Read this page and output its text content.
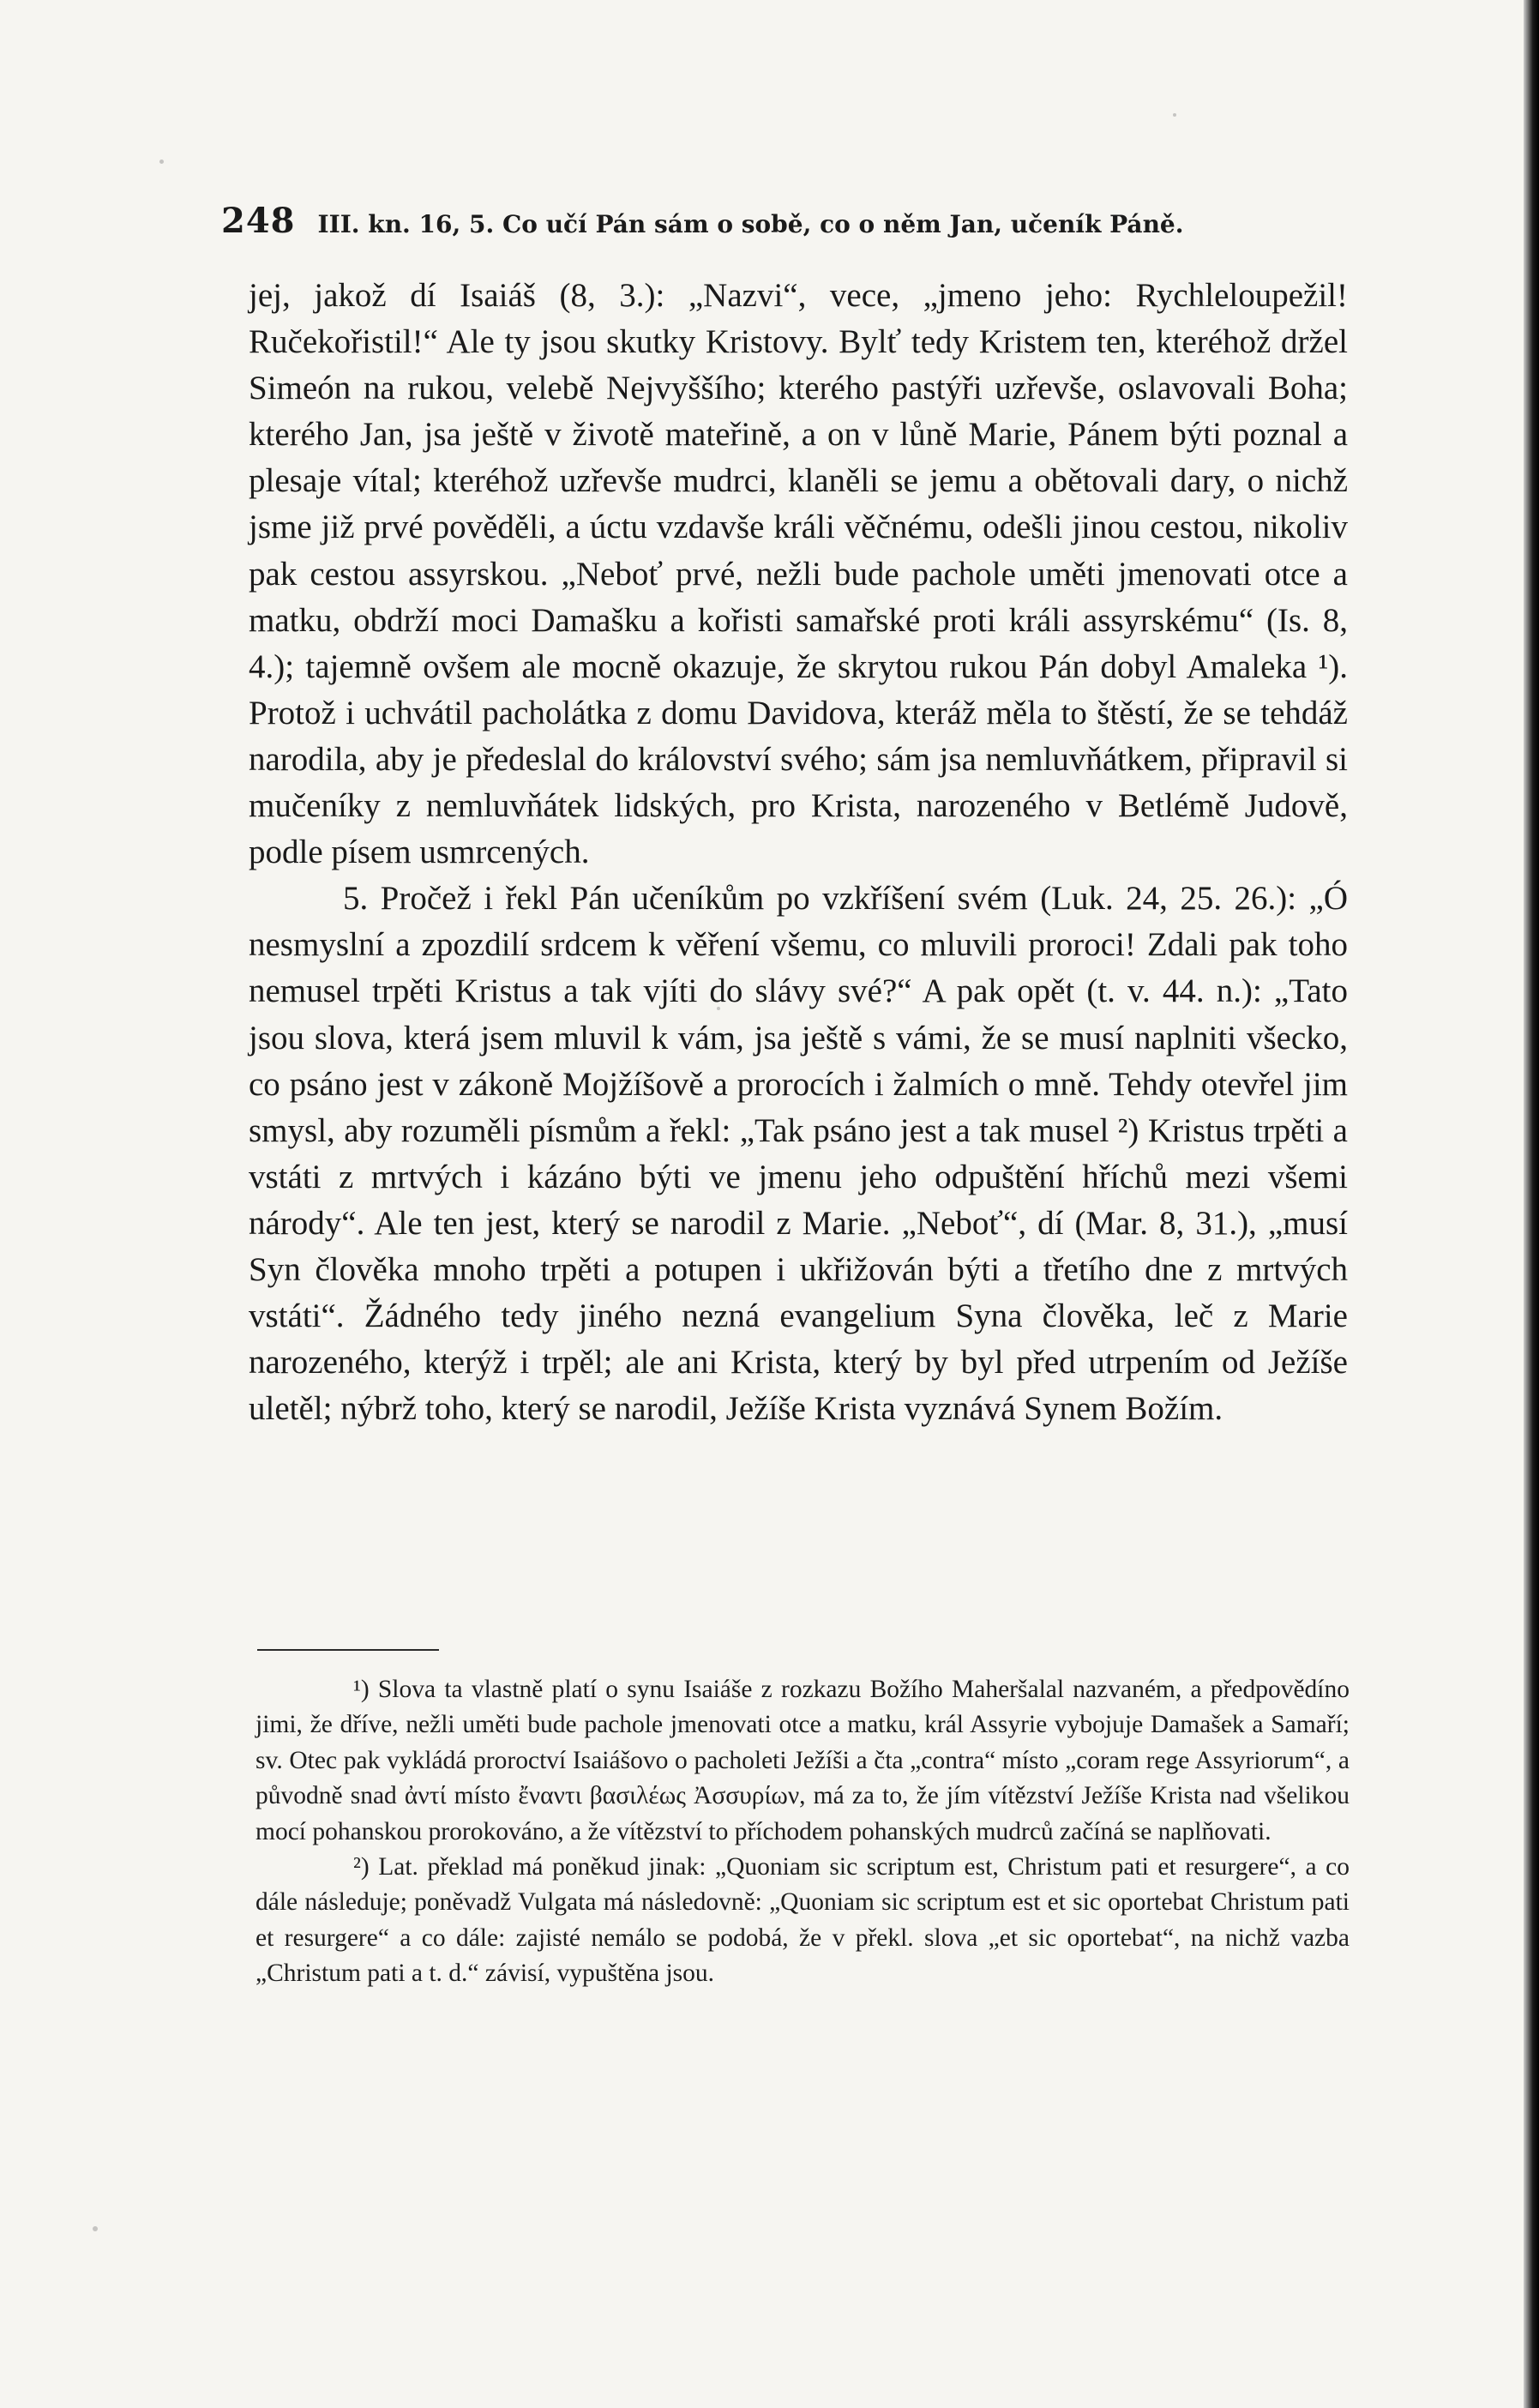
248 III. kn. 16, 5. Co učí Pán sám o sobě, co o něm Jan, učeník Páně.

jej, jakož dí Isaiáš (8, 3.): „Nazvi“, vece, „jmeno jeho: Rychleloupežil! Ručekořistil!“ Ale ty jsou skutky Kristovy. Bylť tedy Kristem ten, kteréhož držel Simeón na rukou, velebě Nejvyššího; kterého pastýři uzřevše, oslavovali Boha; kterého Jan, jsa ještě v životě mateřině, a on v lůně Marie, Pánem býti poznal a plesaje vítal; kteréhož uzřevše mudrci, klaněli se jemu a obětovali dary, o nichž jsme již prvé pověděli, a úctu vzdavše králi věčnému, odešli jinou cestou, nikoliv pak cestou assyrskou. „Neboť prvé, nežli bude pachole uměti jmenovati otce a matku, obdrží moci Damašku a kořisti samařské proti králi assyrskému“ (Is. 8, 4.); tajemně ovšem ale mocně okazuje, že skrytou rukou Pán dobyl Amaleka ¹). Protož i uchvátil pacholátka z domu Davidova, kteráž měla to štěstí, že se tehdáž narodila, aby je předeslal do království svého; sám jsa nemluvňátkem, připravil si mučeníky z nemluvňátek lidských, pro Krista, narozeného v Betlémě Judově, podle písem usmrcených.

5. Pročež i řekl Pán učeníkům po vzkříšení svém (Luk. 24, 25. 26.): „Ó nesmyslní a zpozdilí srdcem k věření všemu, co mluvili proroci! Zdali pak toho nemusel trpěti Kristus a tak vjíti do slávy své?“ A pak opět (t. v. 44. n.): „Tato jsou slova, která jsem mluvil k vám, jsa ještě s vámi, že se musí naplniti všecko, co psáno jest v zákoně Mojžíšově a prorocích i žalmích o mně. Tehdy otevřel jim smysl, aby rozuměli písmům a řekl: „Tak psáno jest a tak musel ²) Kristus trpěti a vstáti z mrtvých i kázáno býti ve jmenu jeho odpuštění hříchů mezi všemi národy“. Ale ten jest, který se narodil z Marie. „Neboť“, dí (Mar. 8, 31.), „musí Syn člověka mnoho trpěti a potupen i ukřižován býti a třetího dne z mrtvých vstáti“. Žádného tedy jiného nezná evangelium Syna člověka, leč z Marie narozeného, kterýž i trpěl; ale ani Krista, který by byl před utrpením od Ježíše uletěl; nýbrž toho, který se narodil, Ježíše Krista vyznává Synem Božím.

¹) Slova ta vlastně platí o synu Isaiáše z rozkazu Božího Maheršalal nazvaném, a předpovědíno jimi, že dříve, nežli uměti bude pachole jmenovati otce a matku, král Assyrie vybojuje Damašek a Samaří; sv. Otec pak vykládá proroctví Isaiášovo o pacholeti Ježíši a čta „contra“ místo „coram rege Assyriorum“, a původně snad ἀντί místo ἔναντι βασιλέως Ἀσσυρίων, má za to, že jím vítězství Ježíše Krista nad všelikou mocí pohanskou prorokováno, a že vítězství to příchodem pohanských mudrců začíná se naplňovati.

²) Lat. překlad má poněkud jinak: „Quoniam sic scriptum est, Christum pati et resurgere“, a co dále následuje; poněvadž Vulgata má následovně: „Quoniam sic scriptum est et sic oportebat Christum pati et resurgere“ a co dále: zajisté nemálo se podobá, že v překl. slova „et sic oportebat“, na nichž vazba „Christum pati a t. d.“ závisí, vypuštěna jsou.
